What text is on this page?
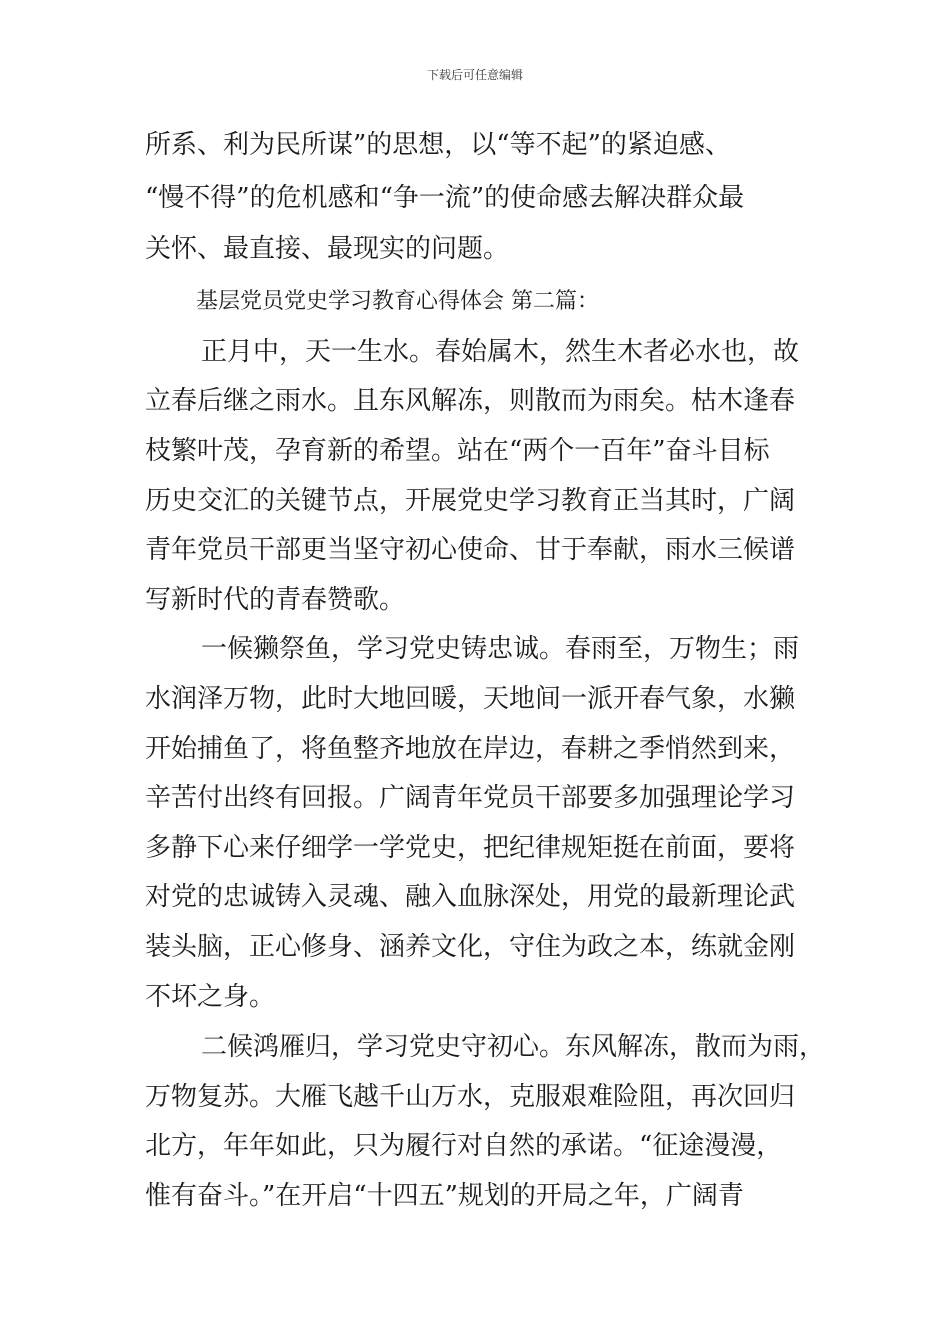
下载后可任意编辑
所系、利为民所谋”的思想，以“等不起”的紧迫感、
“慢不得”的危机感和“争一流”的使命感去解决群众最
关怀、最直接、最现实的问题。
基层党员党史学习教育心得体会 第二篇：
正月中，天一生水。春始属木，然生木者必水也，故
立春后继之雨水。且东风解冻，则散而为雨矣。枯木逢春
枝繁叶茂，孕育新的希望。站在“两个一百年”奋斗目标
历史交汇的关键节点，开展党史学习教育正当其时，广阔
青年党员干部更当坚守初心使命、甘于奉献，雨水三候谱
写新时代的青春赞歌。
一候獭祭鱼，学习党史铸忠诚。春雨至，万物生；雨
水润泽万物，此时大地回暖，天地间一派开春气象，水獭
开始捕鱼了，将鱼整齐地放在岸边，春耕之季悄然到来，
辛苦付出终有回报。广阔青年党员干部要多加强理论学习
多静下心来仔细学一学党史，把纪律规矩挺在前面，要将
对党的忠诚铸入灵魂、融入血脉深处，用党的最新理论武
装头脑，正心修身、涵养文化，守住为政之本，练就金刚
不坏之身。
二候鸿雁归，学习党史守初心。东风解冻，散而为雨，
万物复苏。大雁飞越千山万水，克服艰难险阻，再次回归
北方，年年如此，只为履行对自然的承诺。“征途漫漫，
惟有奋斗。”在开启“十四五”规划的开局之年，广阔青
